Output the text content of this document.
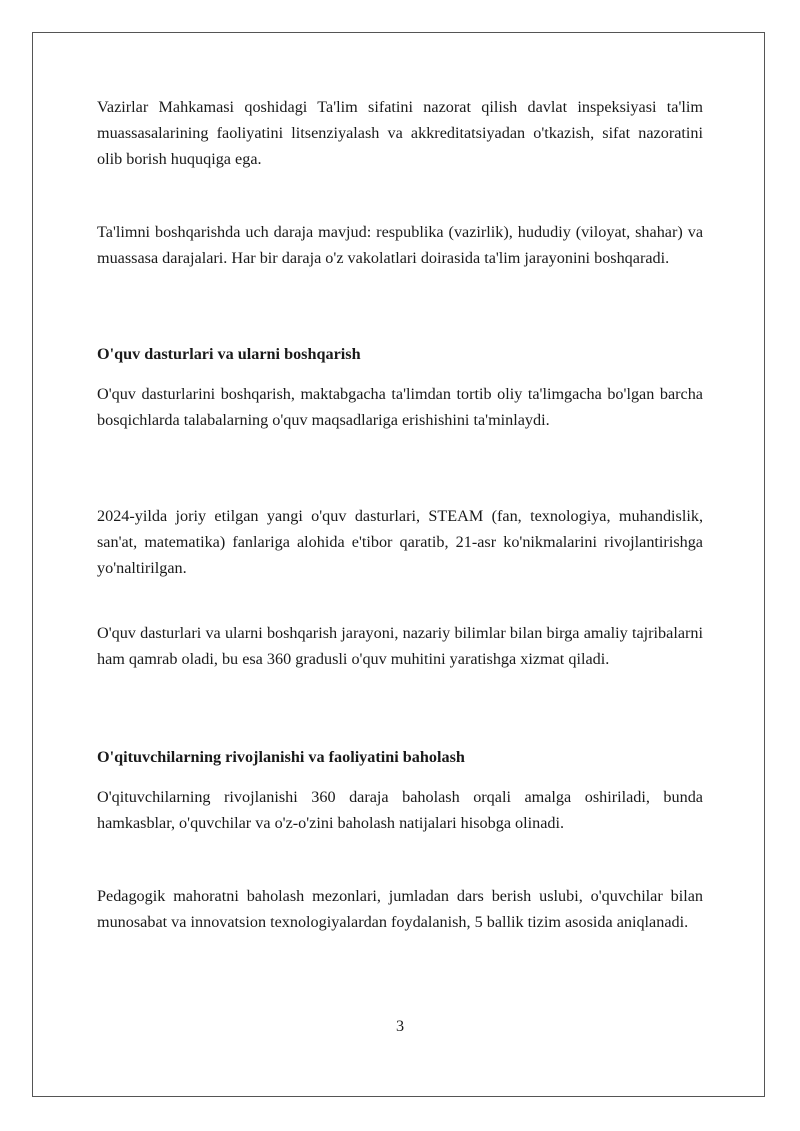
Vazirlar Mahkamasi qoshidagi Ta'lim sifatini nazorat qilish davlat inspeksiyasi ta'lim muassasalarining faoliyatini litsenziyalash va akkreditatsiyadan o'tkazish, sifat nazoratini olib borish huquqiga ega.

Ta'limni boshqarishda uch daraja mavjud: respublika (vazirlik), hududiy (viloyat, shahar) va muassasa darajalari. Har bir daraja o'z vakolatlari doirasida ta'lim jarayonini boshqaradi.

O'quv dasturlari va ularni boshqarish

O'quv dasturlarini boshqarish, maktabgacha ta'limdan tortib oliy ta'limgacha bo'lgan barcha bosqichlarda talabalarning o'quv maqsadlariga erishishini ta'minlaydi.

2024-yilda joriy etilgan yangi o'quv dasturlari, STEAM (fan, texnologiya, muhandislik, san'at, matematika) fanlariga alohida e'tibor qaratib, 21-asr ko'nikmalarini rivojlantirishga yo'naltirilgan.

O'quv dasturlari va ularni boshqarish jarayoni, nazariy bilimlar bilan birga amaliy tajribalarni ham qamrab oladi, bu esa 360 gradusli o'quv muhitini yaratishga xizmat qiladi.

O'qituvchilarning rivojlanishi va faoliyatini baholash

O'qituvchilarning rivojlanishi 360 daraja baholash orqali amalga oshiriladi, bunda hamkasblar, o'quvchilar va o'z-o'zini baholash natijalari hisobga olinadi.

Pedagogik mahoratni baholash mezonlari, jumladan dars berish uslubi, o'quvchilar bilan munosabat va innovatsion texnologiyalardan foydalanish, 5 ballik tizim asosida aniqlanadi.

3
